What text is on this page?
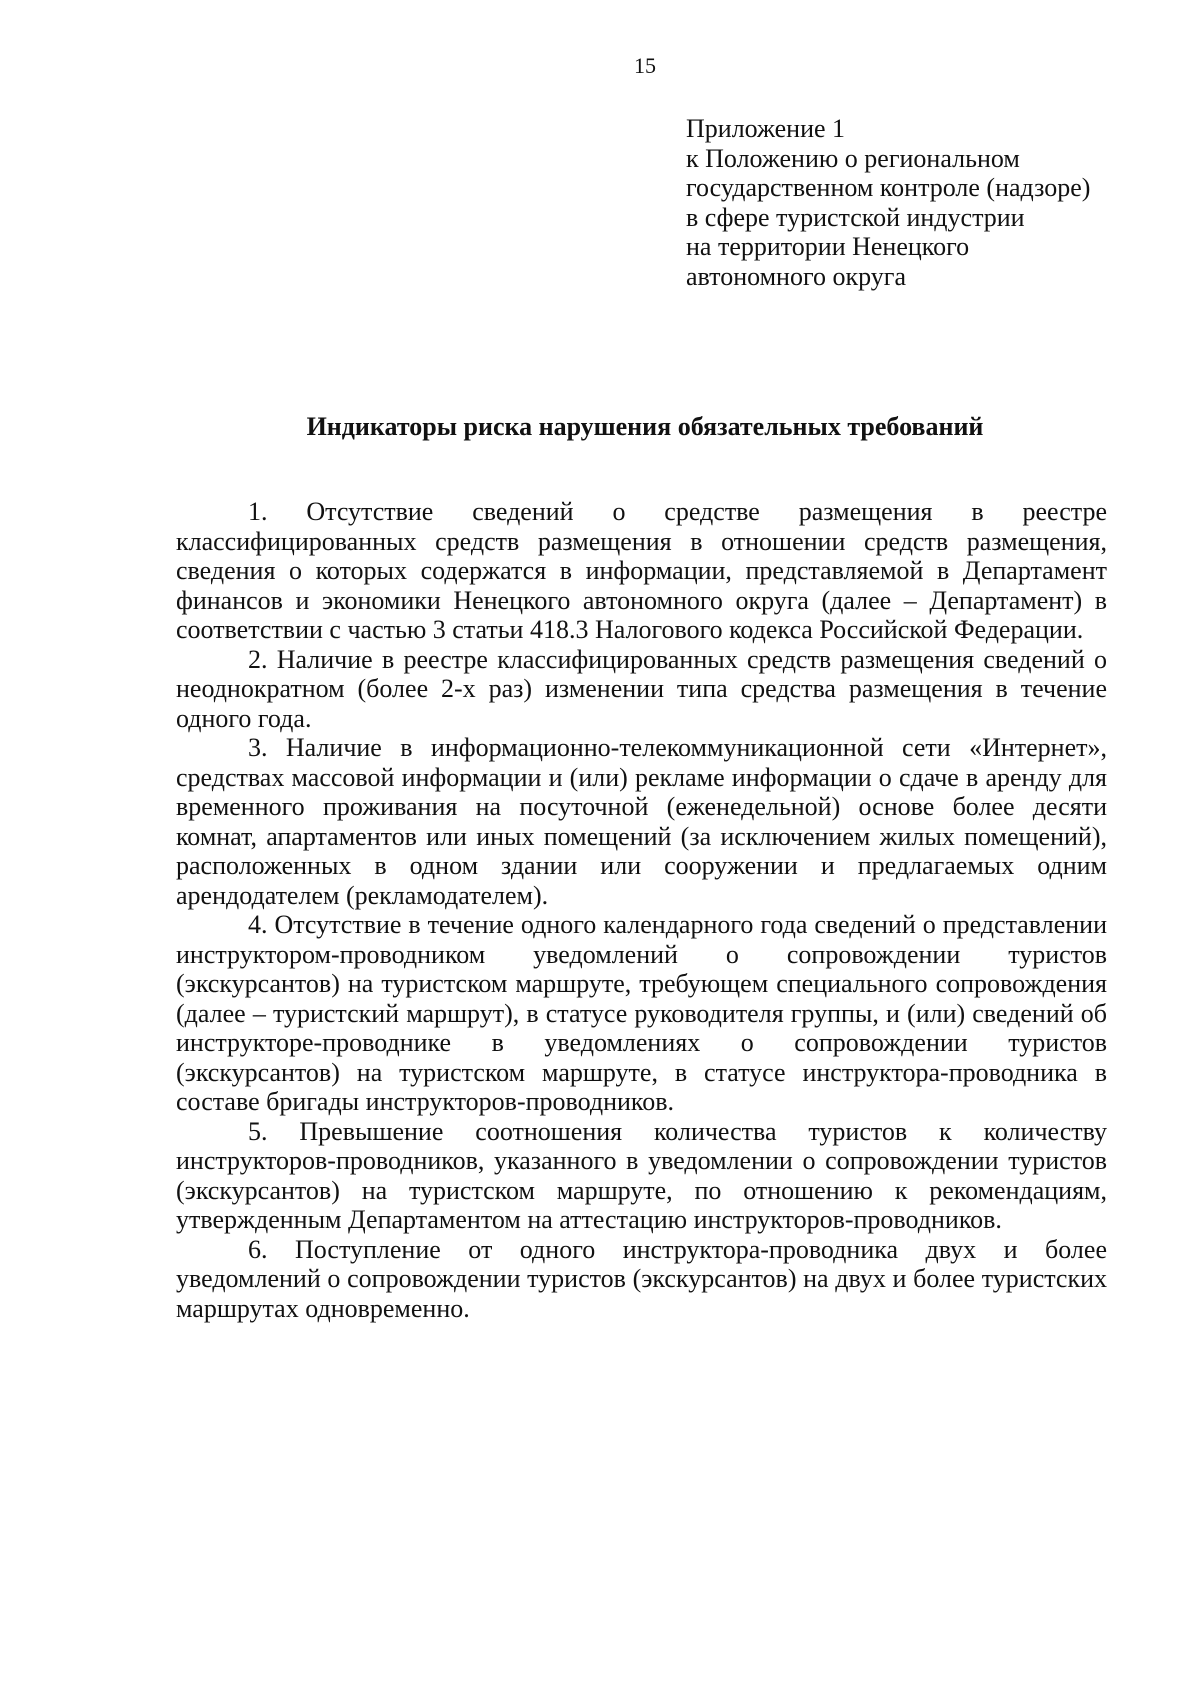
15
Приложение 1
к Положению о региональном
государственном контроле (надзоре)
в сфере туристской индустрии
на территории Ненецкого
автономного округа
Индикаторы риска нарушения обязательных требований

1. Отсутствие сведений о средстве размещения в реестре классифицированных средств размещения в отношении средств размещения, сведения о которых содержатся в информации, представляемой в Департамент финансов и экономики Ненецкого автономного округа (далее – Департамент) в соответствии с частью 3 статьи 418.3 Налогового кодекса Российской Федерации.

2. Наличие в реестре классифицированных средств размещения сведений о неоднократном (более 2-х раз) изменении типа средства размещения в течение одного года.

3. Наличие в информационно-телекоммуникационной сети «Интернет», средствах массовой информации и (или) рекламе информации о сдаче в аренду для временного проживания на посуточной (еженедельной) основе более десяти комнат, апартаментов или иных помещений (за исключением жилых помещений), расположенных в одном здании или сооружении и предлагаемых одним арендодателем (рекламодателем).

4. Отсутствие в течение одного календарного года сведений о представлении инструктором-проводником уведомлений о сопровождении туристов (экскурсантов) на туристском маршруте, требующем специального сопровождения (далее – туристский маршрут), в статусе руководителя группы, и (или) сведений об инструкторе-проводнике в уведомлениях о сопровождении туристов (экскурсантов) на туристском маршруте, в статусе инструктора-проводника в составе бригады инструкторов-проводников.

5. Превышение соотношения количества туристов к количеству инструкторов-проводников, указанного в уведомлении о сопровождении туристов (экскурсантов) на туристском маршруте, по отношению к рекомендациям, утвержденным Департаментом на аттестацию инструкторов-проводников.

6. Поступление от одного инструктора-проводника двух и более уведомлений о сопровождении туристов (экскурсантов) на двух и более туристских маршрутах одновременно.
